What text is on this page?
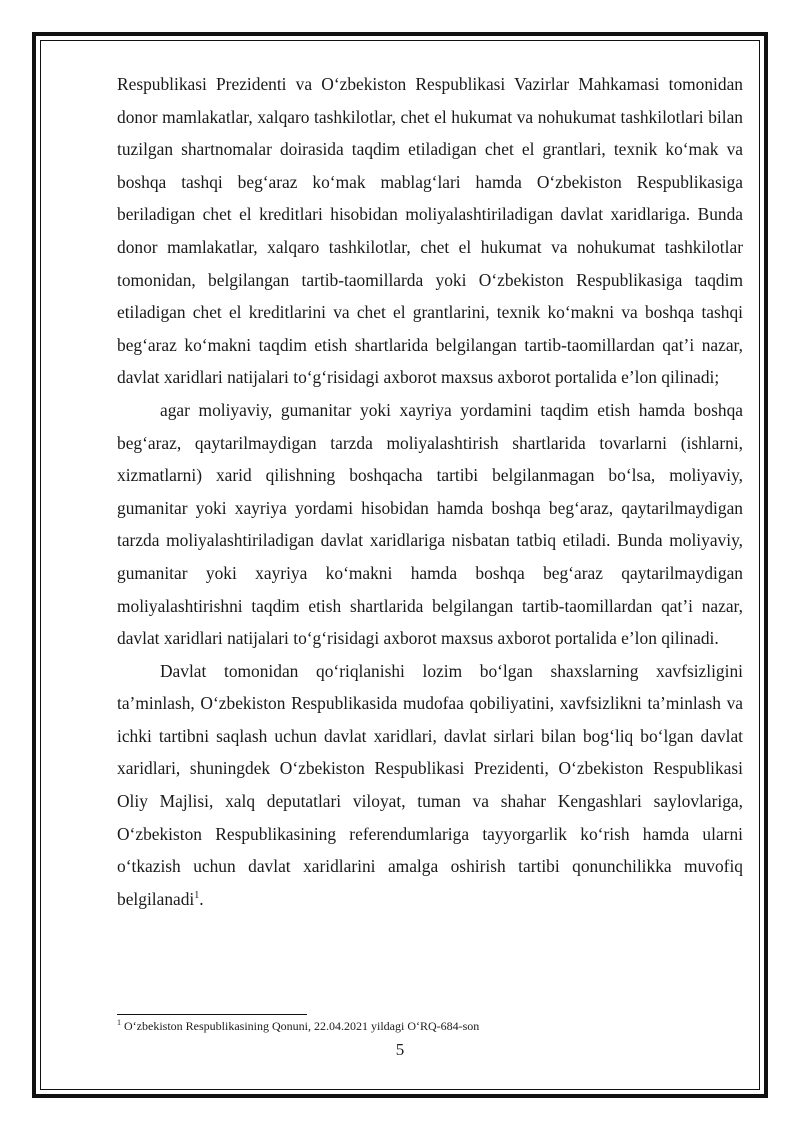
Respublikasi Prezidenti va O‘zbekiston Respublikasi Vazirlar Mahkamasi tomonidan donor mamlakatlar, xalqaro tashkilotlar, chet el hukumat va nohukumat tashkilotlari bilan tuzilgan shartnomalar doirasida taqdim etiladigan chet el grantlari, texnik ko‘mak va boshqa tashqi beg‘araz ko‘mak mablag‘lari hamda O‘zbekiston Respublikasiga beriladigan chet el kreditlari hisobidan moliyalashtiriladigan davlat xaridlariga. Bunda donor mamlakatlar, xalqaro tashkilotlar, chet el hukumat va nohukumat tashkilotlar tomonidan, belgilangan tartib-taomillarda yoki O‘zbekiston Respublikasiga taqdim etiladigan chet el kreditlarini va chet el grantlarini, texnik ko‘makni va boshqa tashqi beg‘araz ko‘makni taqdim etish shartlarida belgilangan tartib-taomillardan qat’i nazar, davlat xaridlari natijalari to‘g‘risidagi axborot maxsus axborot portalida e’lon qilinadi;

agar moliyaviy, gumanitar yoki xayriya yordamini taqdim etish hamda boshqa beg‘araz, qaytarilmaydigan tarzda moliyalashtirish shartlarida tovarlarni (ishlarni, xizmatlarni) xarid qilishning boshqacha tartibi belgilanmagan bo‘lsa, moliyaviy, gumanitar yoki xayriya yordami hisobidan hamda boshqa beg‘araz, qaytarilmaydigan tarzda moliyalashtiriladigan davlat xaridlariga nisbatan tatbiq etiladi. Bunda moliyaviy, gumanitar yoki xayriya ko‘makni hamda boshqa beg‘araz qaytarilmaydigan moliyalashtirishni taqdim etish shartlarida belgilangan tartib-taomillardan qat’i nazar, davlat xaridlari natijalari to‘g‘risidagi axborot maxsus axborot portalida e’lon qilinadi.

Davlat tomonidan qo‘riqlanishi lozim bo‘lgan shaxslarning xavfsizligini ta’minlash, O‘zbekiston Respublikasida mudofaa qobiliyatini, xavfsizlikni ta’minlash va ichki tartibni saqlash uchun davlat xaridlari, davlat sirlari bilan bog‘liq bo‘lgan davlat xaridlari, shuningdek O‘zbekiston Respublikasi Prezidenti, O‘zbekiston Respublikasi Oliy Majlisi, xalq deputatlari viloyat, tuman va shahar Kengashlari saylovlariga, O‘zbekiston Respublikasining referendumlariga tayyorgarlik ko‘rish hamda ularni o‘tkazish uchun davlat xaridlarini amalga oshirish tartibi qonunchilikka muvofiq belgilanadi$^1$.

$^1$ O‘zbekiston Respublikasining Qonuni, 22.04.2021 yildagi O‘RQ-684-son
5
